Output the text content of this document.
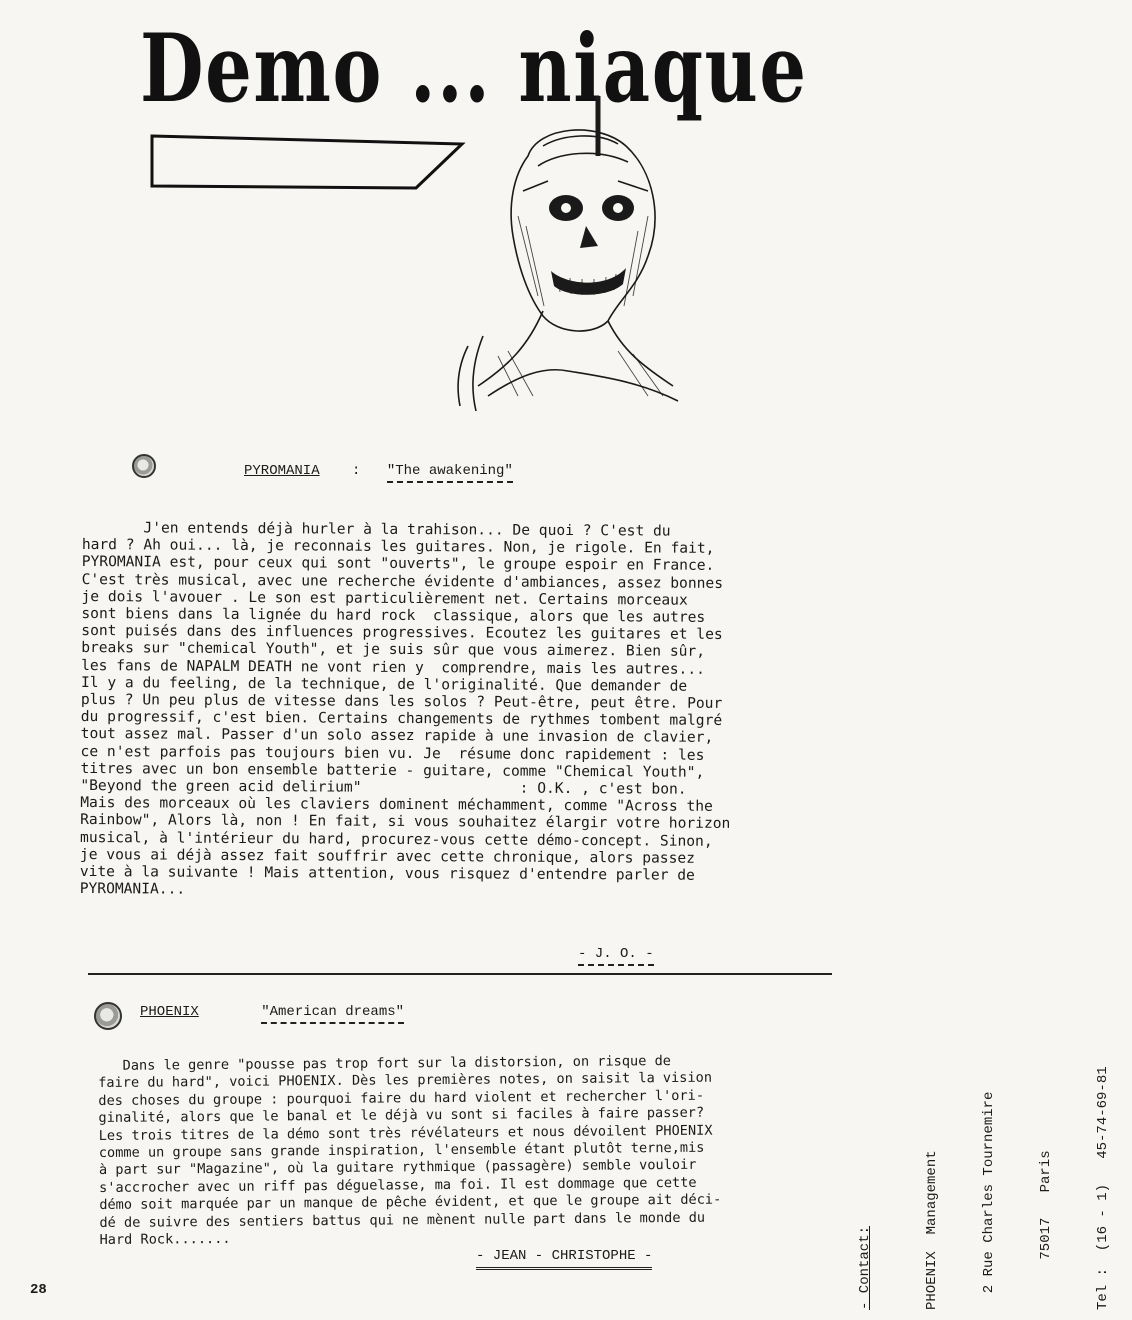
Demo ... niaque
PYROMANIA : "The awakening"
J'en entends déjà hurler à la trahison... De quoi ? C'est du
hard ? Ah oui... là, je reconnais les guitares. Non, je rigole. En fait,
PYROMANIA est, pour ceux qui sont "ouverts", le groupe espoir en France.
C'est très musical, avec une recherche évidente d'ambiances, assez bonnes
je dois l'avouer . Le son est particulièrement net. Certains morceaux
sont biens dans la lignée du hard rock  classique, alors que les autres
sont puisés dans des influences progressives. Ecoutez les guitares et les
breaks sur "chemical Youth", et je suis sûr que vous aimerez. Bien sûr,
les fans de NAPALM DEATH ne vont rien y  comprendre, mais les autres...
Il y a du feeling, de la technique, de l'originalité. Que demander de
plus ? Un peu plus de vitesse dans les solos ? Peut-être, peut être. Pour
du progressif, c'est bien. Certains changements de rythmes tombent malgré
tout assez mal. Passer d'un solo assez rapide à une invasion de clavier,
ce n'est parfois pas toujours bien vu. Je  résume donc rapidement : les
titres avec un bon ensemble batterie - guitare, comme "Chemical Youth",
"Beyond the green acid delirium"                  : O.K. , c'est bon.
Mais des morceaux où les claviers dominent méchamment, comme "Across the
Rainbow", Alors là, non ! En fait, si vous souhaitez élargir votre horizon
musical, à l'intérieur du hard, procurez-vous cette démo-concept. Sinon,
je vous ai déjà assez fait souffrir avec cette chronique, alors passez
vite à la suivante ! Mais attention, vous risquez d'entendre parler de
PYROMANIA...
- J. O. -
PHOENIX	"American dreams"
Dans le genre "pousse pas trop fort sur la distorsion, on risque de
faire du hard", voici PHOENIX. Dès les premières notes, on saisit la vision
des choses du groupe : pourquoi faire du hard violent et rechercher l'ori-
ginalité, alors que le banal et le déjà vu sont si faciles à faire passer?
Les trois titres de la démo sont très révélateurs et nous dévoilent PHOENIX
comme un groupe sans grande inspiration, l'ensemble étant plutôt terne,mis
à part sur "Magazine", où la guitare rythmique (passagère) semble vouloir
s'accrocher avec un riff pas déguelasse, ma foi. Il est dommage que cette
démo soit marquée par un manque de pêche évident, et que le groupe ait déci-
dé de suivre des sentiers battus qui ne mènent nulle part dans le monde du
Hard Rock.......
- JEAN - CHRISTOPHE -

	- Contact:

	PHOENIX  Management

	2 Rue Charles Tournemire

	75017   Paris

	Tel :  (16 - 1)   45-74-69-81

28
